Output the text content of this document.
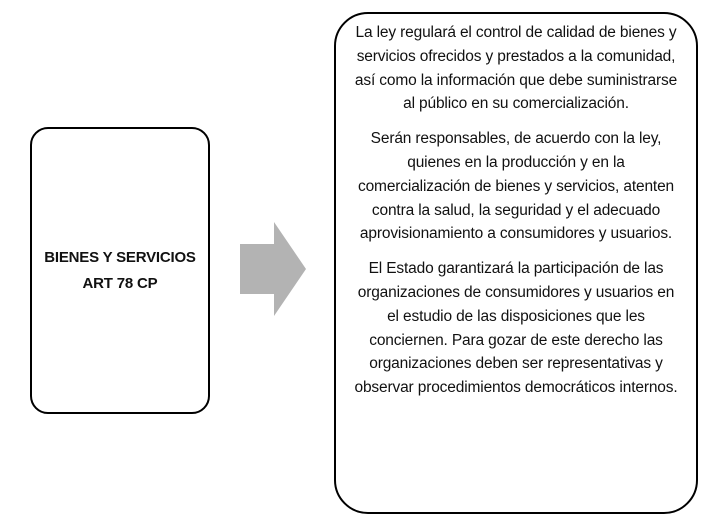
BIENES Y SERVICIOS
ART 78 CP

La ley regulará el control de calidad de bienes y servicios ofrecidos y prestados a la comunidad, así como la información que debe suministrarse al público en su comercialización.

Serán responsables, de acuerdo con la ley, quienes en la producción y en la comercialización de bienes y servicios, atenten contra la salud, la seguridad y el adecuado aprovisionamiento a consumidores y usuarios.

El Estado garantizará la participación de las organizaciones de consumidores y usuarios en el estudio de las disposiciones que les conciernen. Para gozar de este derecho las organizaciones deben ser representativas y observar procedimientos democráticos internos.
